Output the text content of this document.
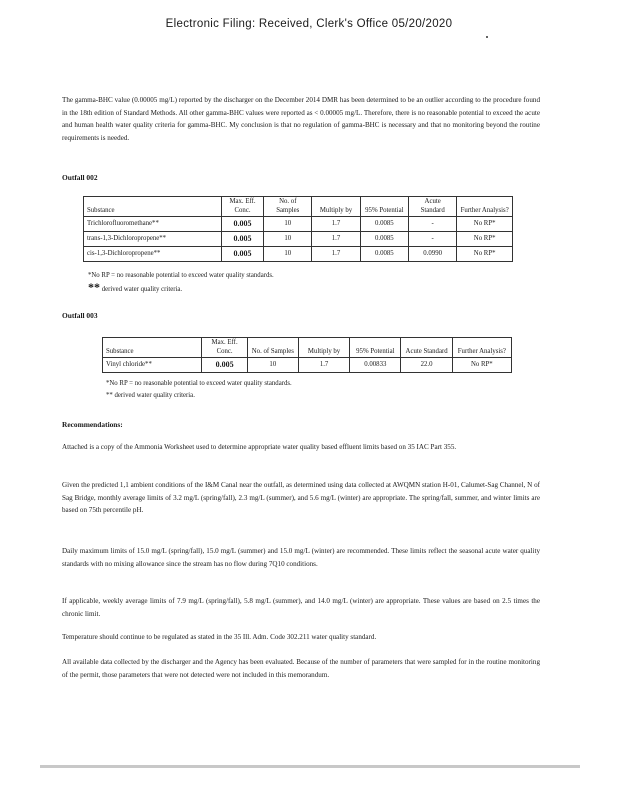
Electronic Filing: Received, Clerk's Office 05/20/2020
The gamma-BHC value (0.00005 mg/L) reported by the discharger on the December 2014 DMR has been determined to be an outlier according to the procedure found in the 18th edition of Standard Methods. All other gamma-BHC values were reported as < 0.00005 mg/L. Therefore, there is no reasonable potential to exceed the acute and human health water quality criteria for gamma-BHC. My conclusion is that no regulation of gamma-BHC is necessary and that no monitoring beyond the routine requirements is needed.
Outfall 002
Substance	Max. Eff. Conc.	No. of Samples	Multiply by	95% Potential	Acute Standard	Further Analysis?
Trichlorofluoromethane**	0.005	10	1.7	0.0085	-	No RP*
trans-1,3-Dichloropropene**	0.005	10	1.7	0.0085	-	No RP*
cis-1,3-Dichloropropene**	0.005	10	1.7	0.0085	0.0990	No RP*
*No RP = no reasonable potential to exceed water quality standards.
** derived water quality criteria.
Outfall 003
Substance	Max. Eff. Conc.	No. of Samples	Multiply by	95% Potential	Acute Standard	Further Analysis?
Vinyl chloride**	0.005	10	1.7	0.00833	22.0	No RP*
*No RP = no reasonable potential to exceed water quality standards.
** derived water quality criteria.
Recommendations:
Attached is a copy of the Ammonia Worksheet used to determine appropriate water quality based effluent limits based on 35 IAC Part 355.
Given the predicted 1,1 ambient conditions of the I&M Canal near the outfall, as determined using data collected at AWQMN station H-01, Calumet-Sag Channel, N of Sag Bridge, monthly average limits of 3.2 mg/L (spring/fall), 2.3 mg/L (summer), and 5.6 mg/L (winter) are appropriate. The spring/fall, summer, and winter limits are based on 75th percentile pH.
Daily maximum limits of 15.0 mg/L (spring/fall), 15.0 mg/L (summer) and 15.0 mg/L (winter) are recommended. These limits reflect the seasonal acute water quality standards with no mixing allowance since the stream has no flow during 7Q10 conditions.
If applicable, weekly average limits of 7.9 mg/L (spring/fall), 5.8 mg/L (summer), and 14.0 mg/L (winter) are appropriate. These values are based on 2.5 times the chronic limit.
Temperature should continue to be regulated as stated in the 35 Ill. Adm. Code 302.211 water quality standard.
All available data collected by the discharger and the Agency has been evaluated. Because of the number of parameters that were sampled for in the routine monitoring of the permit, those parameters that were not detected were not included in this memorandum.
